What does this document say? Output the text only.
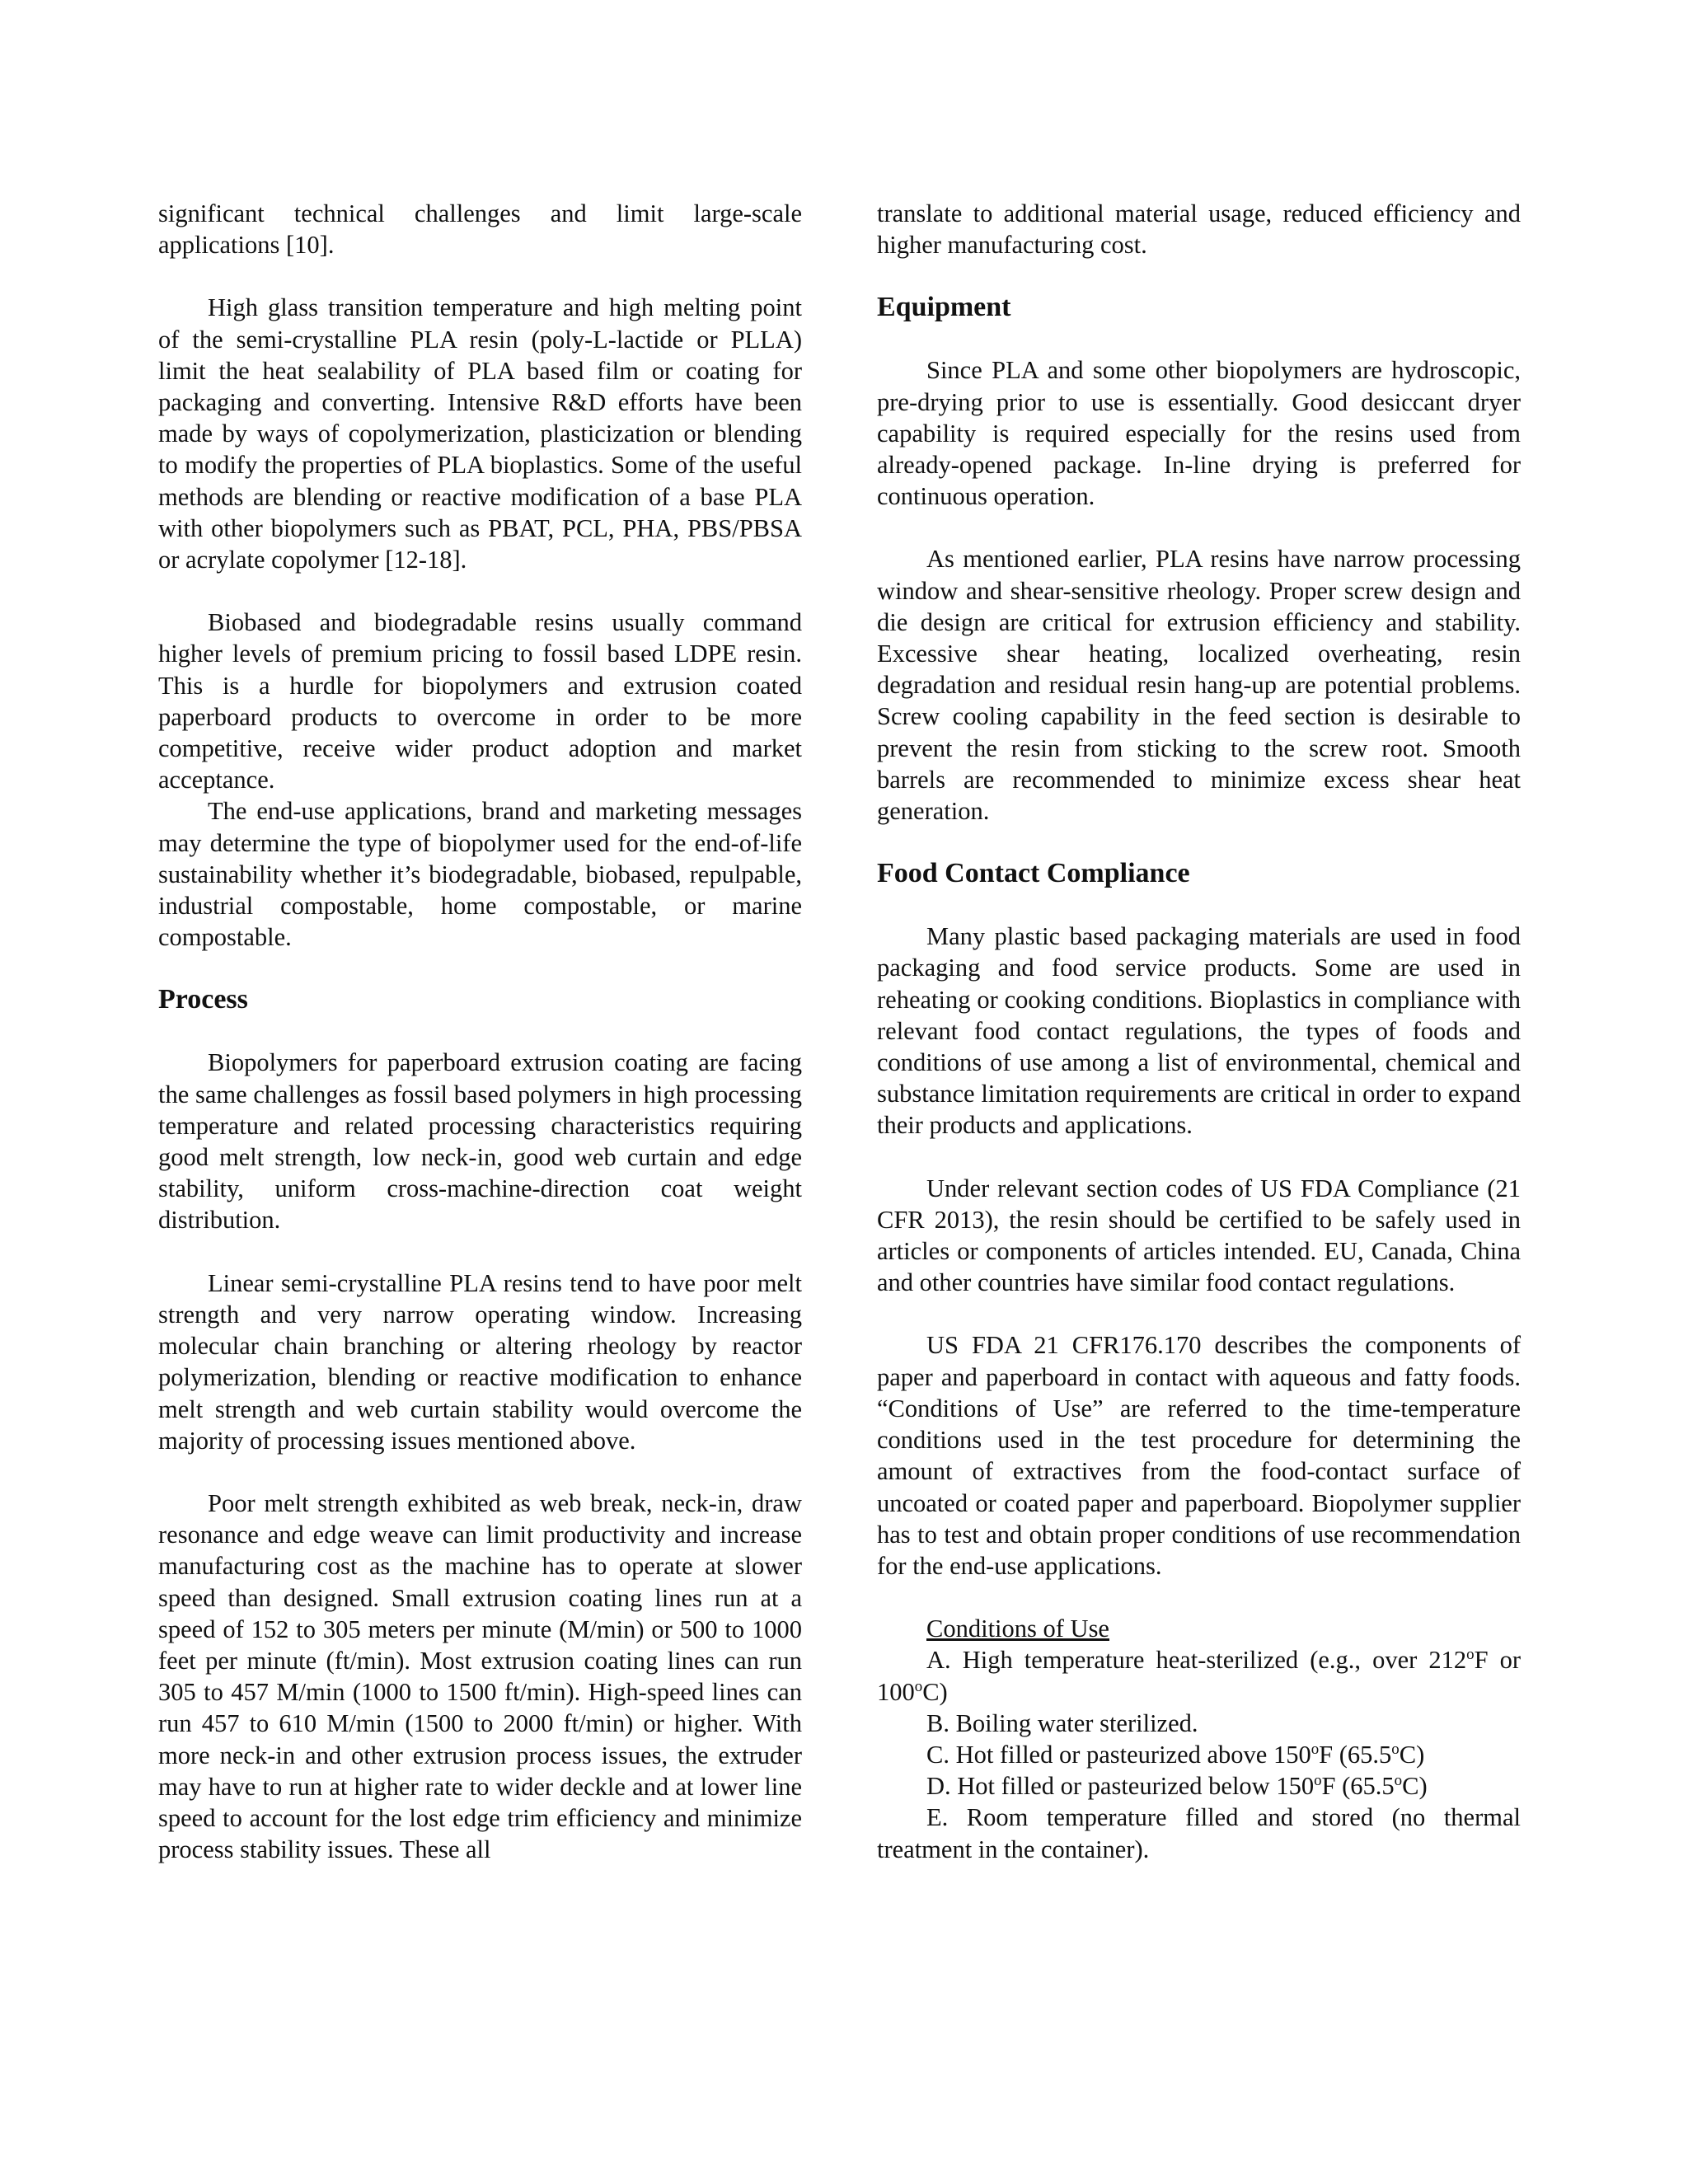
significant technical challenges and limit large-scale applications [10].

High glass transition temperature and high melting point of the semi-crystalline PLA resin (poly-L-lactide or PLLA) limit the heat sealability of PLA based film or coating for packaging and converting. Intensive R&D efforts have been made by ways of copolymerization, plasticization or blending to modify the properties of PLA bioplastics. Some of the useful methods are blending or reactive modification of a base PLA with other biopolymers such as PBAT, PCL, PHA, PBS/PBSA or acrylate copolymer [12-18].

Biobased and biodegradable resins usually command higher levels of premium pricing to fossil based LDPE resin. This is a hurdle for biopolymers and extrusion coated paperboard products to overcome in order to be more competitive, receive wider product adoption and market acceptance.

The end-use applications, brand and marketing messages may determine the type of biopolymer used for the end-of-life sustainability whether it’s biodegradable, biobased, repulpable, industrial compostable, home compostable, or marine compostable.

Process

Biopolymers for paperboard extrusion coating are facing the same challenges as fossil based polymers in high processing temperature and related processing characteristics requiring good melt strength, low neck-in, good web curtain and edge stability, uniform cross-machine-direction coat weight distribution.

Linear semi-crystalline PLA resins tend to have poor melt strength and very narrow operating window. Increasing molecular chain branching or altering rheology by reactor polymerization, blending or reactive modification to enhance melt strength and web curtain stability would overcome the majority of processing issues mentioned above.

Poor melt strength exhibited as web break, neck-in, draw resonance and edge weave can limit productivity and increase manufacturing cost as the machine has to operate at slower speed than designed. Small extrusion coating lines run at a speed of 152 to 305 meters per minute (M/min) or 500 to 1000 feet per minute (ft/min). Most extrusion coating lines can run 305 to 457 M/min (1000 to 1500 ft/min). High-speed lines can run 457 to 610 M/min (1500 to 2000 ft/min) or higher. With more neck-in and other extrusion process issues, the extruder may have to run at higher rate to wider deckle and at lower line speed to account for the lost edge trim efficiency and minimize process stability issues. These all

translate to additional material usage, reduced efficiency and higher manufacturing cost.

Equipment

Since PLA and some other biopolymers are hydroscopic, pre-drying prior to use is essentially. Good desiccant dryer capability is required especially for the resins used from already-opened package. In-line drying is preferred for continuous operation.

As mentioned earlier, PLA resins have narrow processing window and shear-sensitive rheology. Proper screw design and die design are critical for extrusion efficiency and stability. Excessive shear heating, localized overheating, resin degradation and residual resin hang-up are potential problems. Screw cooling capability in the feed section is desirable to prevent the resin from sticking to the screw root. Smooth barrels are recommended to minimize excess shear heat generation.

Food Contact Compliance

Many plastic based packaging materials are used in food packaging and food service products. Some are used in reheating or cooking conditions. Bioplastics in compliance with relevant food contact regulations, the types of foods and conditions of use among a list of environmental, chemical and substance limitation requirements are critical in order to expand their products and applications.

Under relevant section codes of US FDA Compliance (21 CFR 2013), the resin should be certified to be safely used in articles or components of articles intended. EU, Canada, China and other countries have similar food contact regulations.

US FDA 21 CFR176.170 describes the components of paper and paperboard in contact with aqueous and fatty foods. “Conditions of Use” are referred to the time-temperature conditions used in the test procedure for determining the amount of extractives from the food-contact surface of uncoated or coated paper and paperboard. Biopolymer supplier has to test and obtain proper conditions of use recommendation for the end-use applications.

Conditions of Use

A. High temperature heat-sterilized (e.g., over 212$^o$F or 100$^o$C)

B. Boiling water sterilized.

C. Hot filled or pasteurized above 150$^o$F (65.5$^o$C)

D. Hot filled or pasteurized below 150$^o$F (65.5$^o$C)

E. Room temperature filled and stored (no thermal treatment in the container).
